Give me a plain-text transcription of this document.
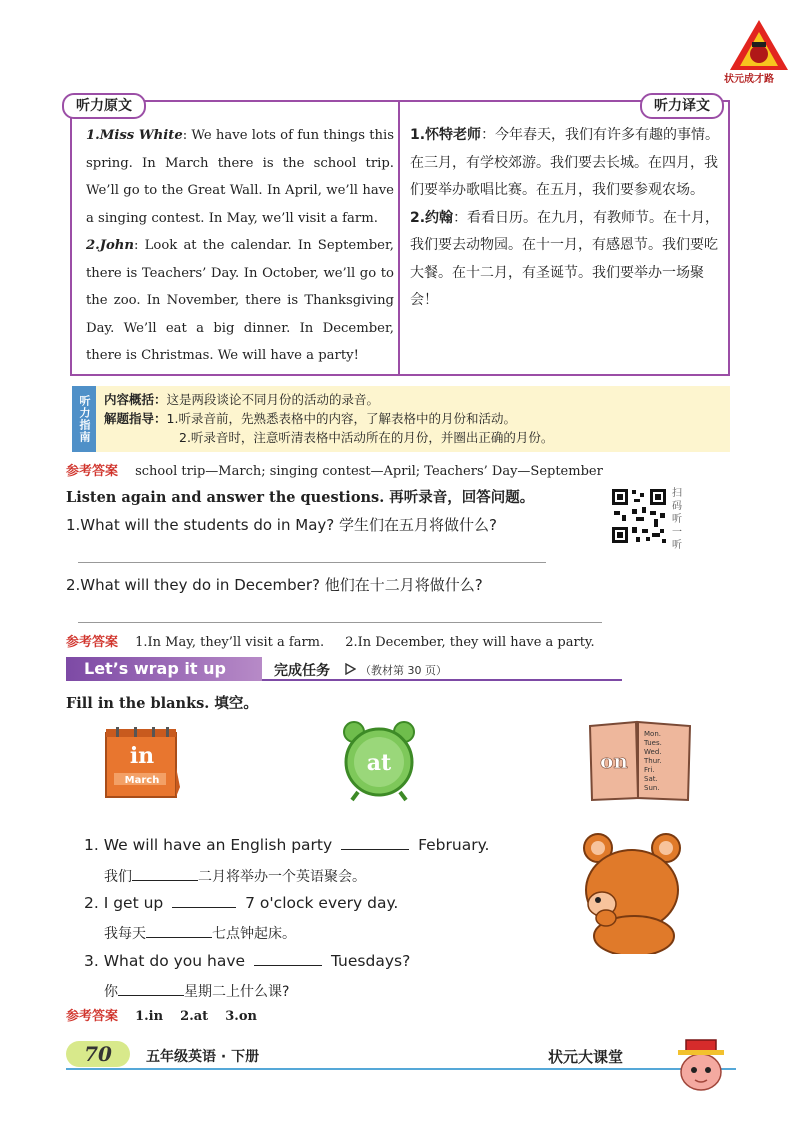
状元成才路
听力原文	听力译文

1.Miss White: We have lots of fun things this spring. In March there is the school trip. We’ll go to the Great Wall. In April, we’ll have a singing contest. In May, we’ll visit a farm.

2.John: Look at the calendar. In September, there is Teachers’ Day. In October, we’ll go to the zoo. In November, there is Thanksgiving Day. We’ll eat a big dinner. In December, there is Christmas. We will have a party!

1.怀特老师：今年春天，我们有许多有趣的事情。在三月，有学校郊游。我们要去长城。在四月，我们要举办歌唱比赛。在五月，我们要参观农场。

2.约翰：看看日历。在九月，有教师节。在十月，我们要去动物园。在十一月，有感恩节。我们要吃大餐。在十二月，有圣诞节。我们要举办一场聚会！

听力指南	内容概括：这是两段谈论不同月份的活动的录音。
解题指导：1.听录音前，先熟悉表格中的内容，了解表格中的月份和活动。
2.听录音时，注意听清表格中活动所在的月份，并圈出正确的月份。
参考答案 school trip—March; singing contest—April; Teachers’ Day—September
Listen again and answer the questions. 再听录音，回答问题。
1.What will the students do in May? 学生们在五月将做什么?
2.What will they do in December? 他们在十二月将做什么?
扫码听一听
参考答案 1.In May, they’ll visit a farm. 2.In December, they will have a party.
Let’s wrap it up	完成任务	（教材第 30 页）
Fill in the blanks. 填空。
in
March
at	on
Mon.
Tues.
Wed.
Thur.
Fri.
Sat.
Sun.
1. We will have an English party	February.
我们	二月将举办一个英语聚会。
2. I get up	7 o'clock every day.
我每天	七点钟起床。
3. What do you have	Tuesdays?
你	星期二上什么课?
参考答案 1.in 2.at 3.on
70	五年级英语 · 下册	状元大课堂
